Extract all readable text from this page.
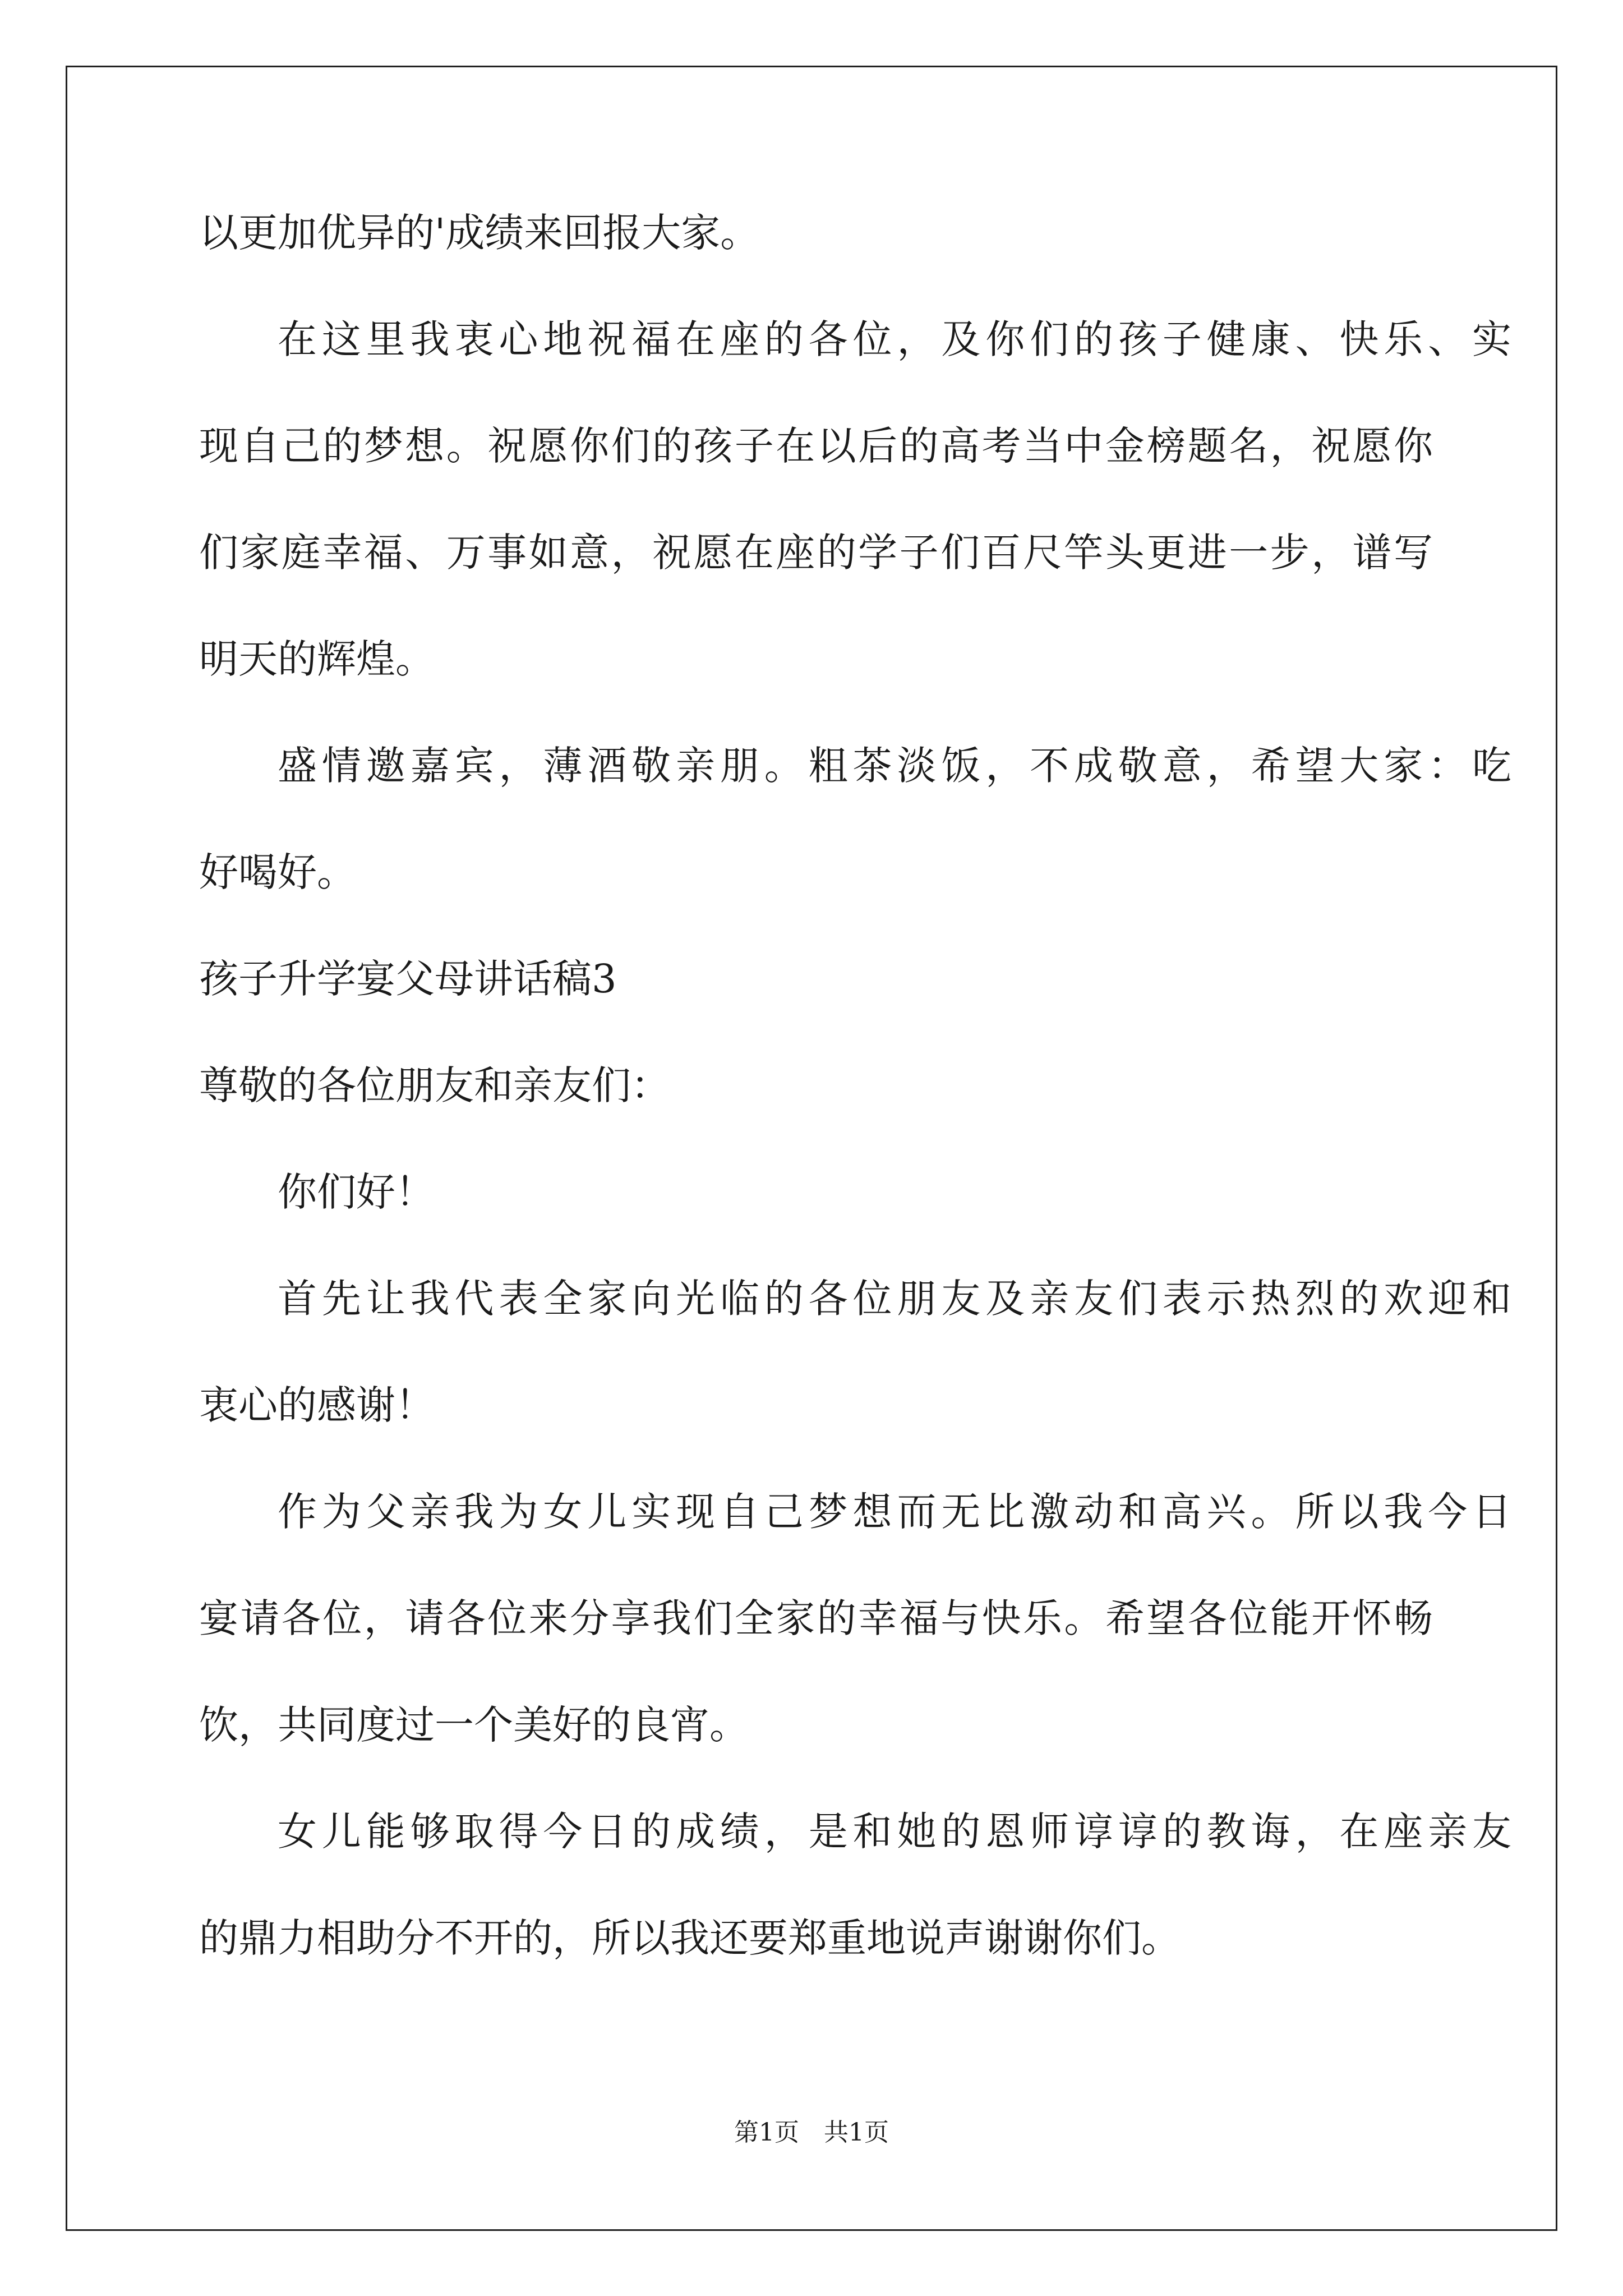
以更加优异的'成绩来回报大家。
在这里我衷心地祝福在座的各位，及你们的孩子健康、快乐、实
现自己的梦想。祝愿你们的孩子在以后的高考当中金榜题名，祝愿你
们家庭幸福、万事如意，祝愿在座的学子们百尺竿头更进一步，谱写
明天的辉煌。
盛情邀嘉宾，薄酒敬亲朋。粗茶淡饭，不成敬意，希望大家：吃
好喝好。
孩子升学宴父母讲话稿3
尊敬的各位朋友和亲友们：
你们好！
首先让我代表全家向光临的各位朋友及亲友们表示热烈的欢迎和
衷心的感谢！
作为父亲我为女儿实现自己梦想而无比激动和高兴。所以我今日
宴请各位，请各位来分享我们全家的幸福与快乐。希望各位能开怀畅
饮，共同度过一个美好的良宵。
女儿能够取得今日的成绩，是和她的恩师谆谆的教诲，在座亲友
的鼎力相助分不开的，所以我还要郑重地说声谢谢你们。
第1页　共1页
